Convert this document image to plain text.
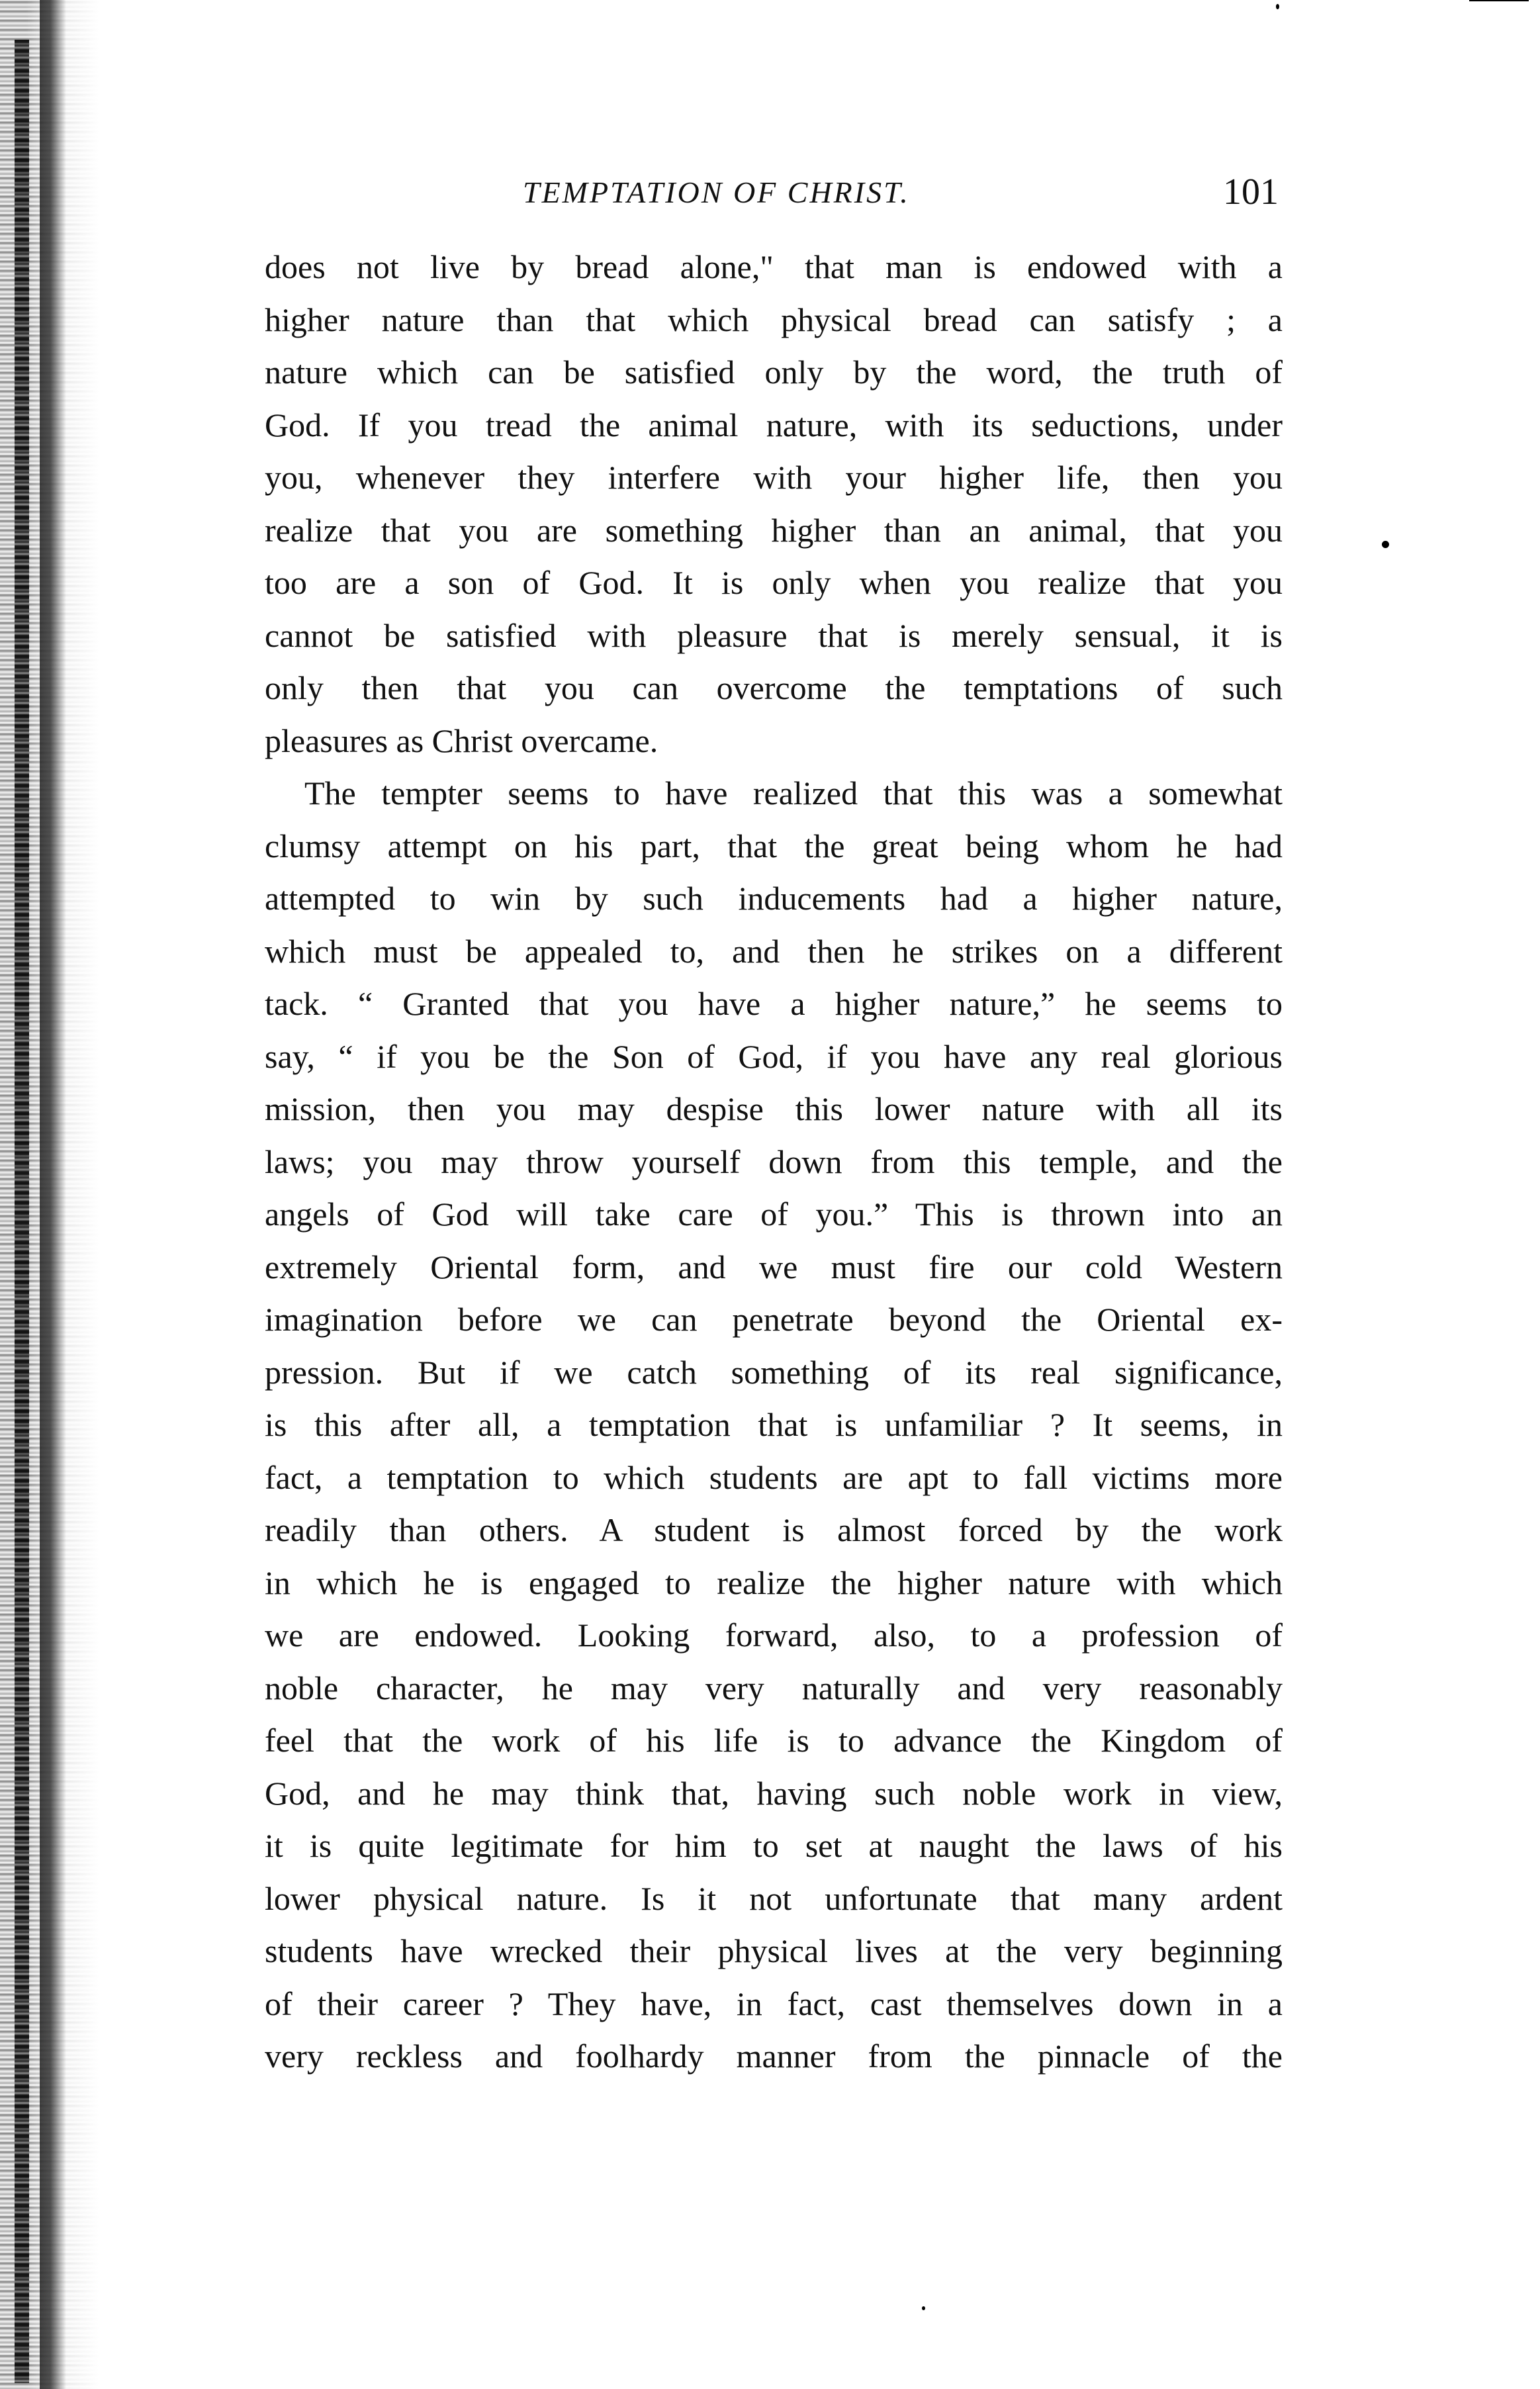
TEMPTATION OF CHRIST.	101
does not live by bread alone," that man is endowed with a
higher nature than that which physical bread can satisfy ; a
nature which can be satisfied only by the word, the truth of
God. If you tread the animal nature, with its seductions, under
you, whenever they interfere with your higher life, then you
realize that you are something higher than an animal, that you
too are a son of God. It is only when you realize that you
cannot be satisfied with pleasure that is merely sensual, it is
only then that you can overcome the temptations of such
pleasures as Christ overcame.
The tempter seems to have realized that this was a somewhat
clumsy attempt on his part, that the great being whom he had
attempted to win by such inducements had a higher nature,
which must be appealed to, and then he strikes on a different
tack. “ Granted that you have a higher nature,” he seems to
say, “ if you be the Son of God, if you have any real glorious
mission, then you may despise this lower nature with all its
laws; you may throw yourself down from this temple, and the
angels of God will take care of you.” This is thrown into an
extremely Oriental form, and we must fire our cold Western
imagination before we can penetrate beyond the Oriental ex-
pression. But if we catch something of its real significance,
is this after all, a temptation that is unfamiliar ? It seems, in
fact, a temptation to which students are apt to fall victims more
readily than others. A student is almost forced by the work
in which he is engaged to realize the higher nature with which
we are endowed. Looking forward, also, to a profession of
noble character, he may very naturally and very reasonably
feel that the work of his life is to advance the Kingdom of
God, and he may think that, having such noble work in view,
it is quite legitimate for him to set at naught the laws of his
lower physical nature. Is it not unfortunate that many ardent
students have wrecked their physical lives at the very beginning
of their career ? They have, in fact, cast themselves down in a
very reckless and foolhardy manner from the pinnacle of the
